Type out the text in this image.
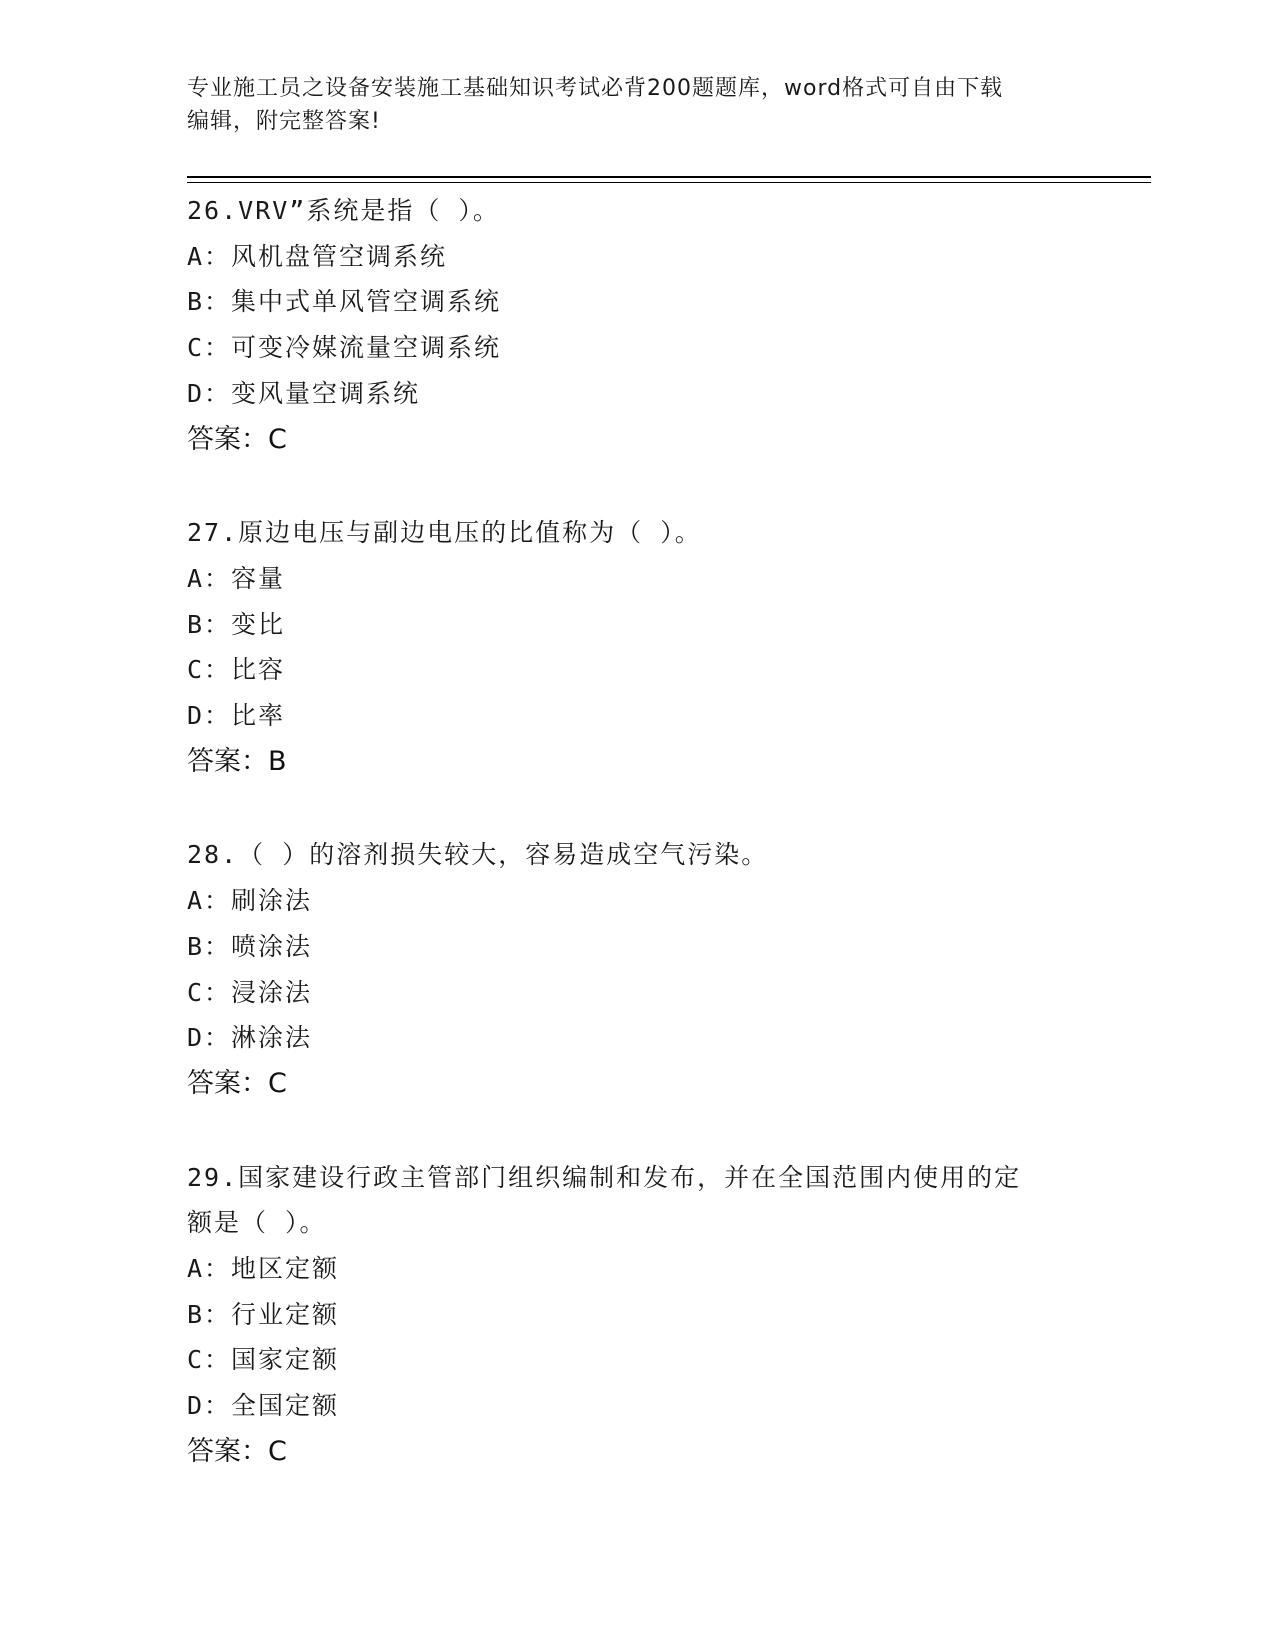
专业施工员之设备安装施工基础知识考试必背200题题库，word格式可自由下载
编辑，附完整答案!
26.VRV”系统是指（ ）。
A：风机盘管空调系统
B：集中式单风管空调系统
C：可变冷媒流量空调系统
D：变风量空调系统
答案：C
27.原边电压与副边电压的比值称为（ ）。
A：容量
B：变比
C：比容
D：比率
答案：B
28.（ ）的溶剂损失较大，容易造成空气污染。
A：刷涂法
B：喷涂法
C：浸涂法
D：淋涂法
答案：C
29.国家建设行政主管部门组织编制和发布，并在全国范围内使用的定
额是（ ）。
A：地区定额
B：行业定额
C：国家定额
D：全国定额
答案：C
